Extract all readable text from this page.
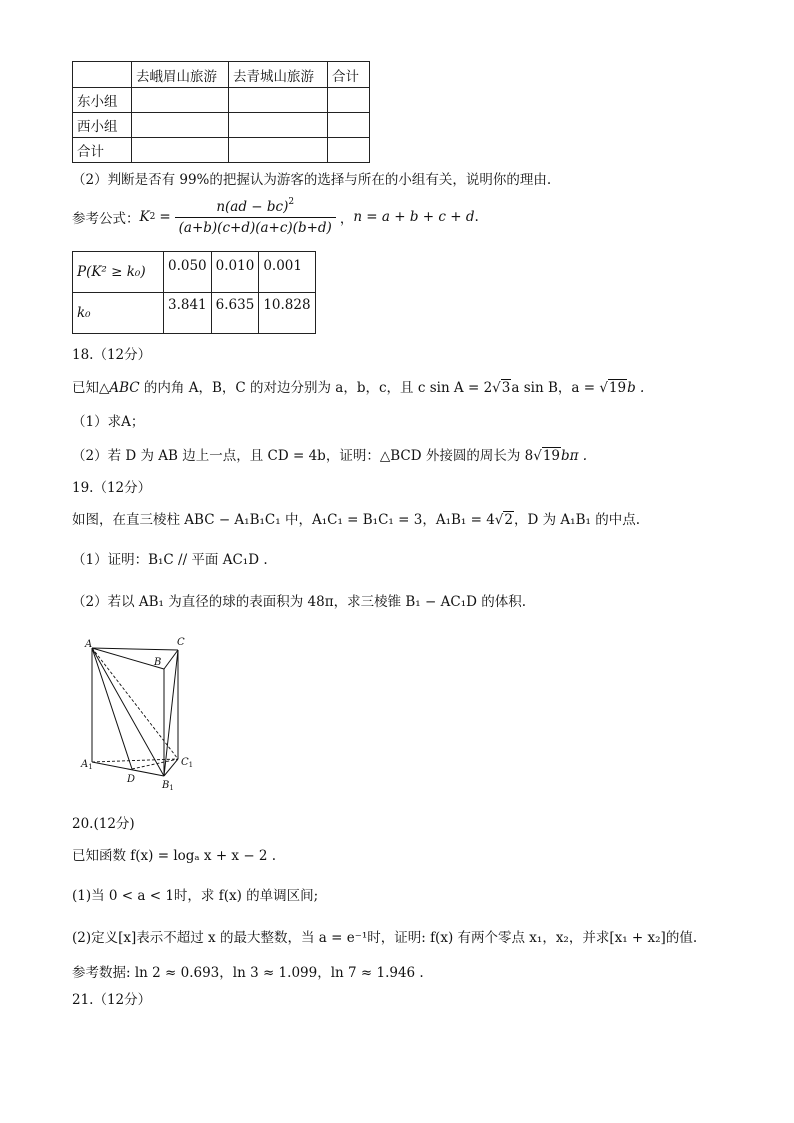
	去峨眉山旅游	去青城山旅游	合计
东小组			
西小组			
合计			
（2）判断是否有 99%的把握认为游客的选择与所在的小组有关，说明你的理由.
参考公式： K $2 = \frac{n(ad - bc)^2}{(a+b)(c+d)(a+c)(b+d)}$ ， n = a + b + c + d .
P(K² ≥ k₀)	0.050	0.010	0.001
k₀	3.841	6.635	10.828
18.（12分）
已知△ABC 的内角 A，B，C 的对边分别为 a，b，c，且 c sin A = 2√3a sin B，a = √19b .
（1）求A；
（2）若 D 为 AB 边上一点，且 CD = 4b，证明：△BCD 外接圆的周长为 8√19bπ .
19.（12分）
如图，在直三棱柱 ABC − A₁B₁C₁ 中，A₁C₁ = B₁C₁ = 3，A₁B₁ = 4√2，D 为 A₁B₁ 的中点.
（1）证明：B₁C // 平面 AC₁D .
（2）若以 AB₁ 为直径的球的表面积为 48π，求三棱锥 B₁ − AC₁D 的体积.
A
B
C
$A_1$
D
$C_1$
$B_1$
20.(12分)
已知函数 f(x) = logₐ x + x − 2 .
(1)当 0 < a < 1时，求 f(x) 的单调区间;
(2)定义[x]表示不超过 x 的最大整数，当 a = e⁻¹时，证明: f(x) 有两个零点 x₁，x₂，并求[x₁ + x₂]的值.
参考数据: ln 2 ≈ 0.693，ln 3 ≈ 1.099，ln 7 ≈ 1.946 .
21.（12分）
